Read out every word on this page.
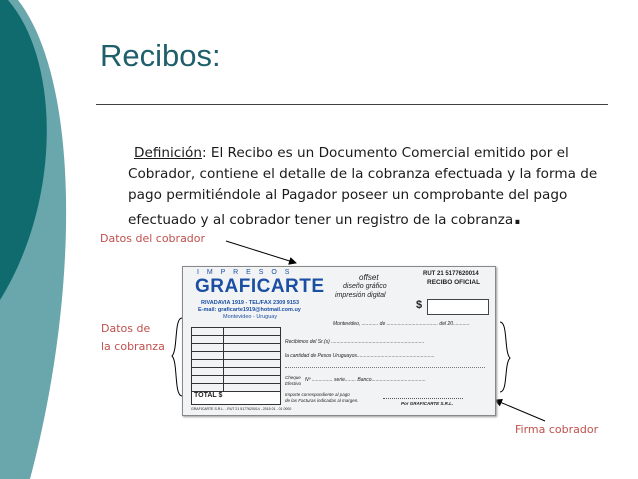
Recibos:
Definición: El Recibo es un Documento Comercial emitido por el
Cobrador, contiene el detalle de la cobranza efectuada y la forma de
pago permitiéndole al Pagador poseer un comprobante del pago
efectuado y al cobrador tener un registro de la cobranza.
Datos del cobrador
Datos de
la cobranza
Firma cobrador
I M P R E S O S
GRAFICARTE
RIVADAVIA 1919 - TEL/FAX 2309 9153
E-mail: graficarte1919@hotmail.com.uy
Montevideo - Uruguay
offset
diseño gráfico
impresión digital
RUT 21 5177620014
RECIBO OFICIAL
$
Montevideo, ............ de ..................................... del 20............
TOTAL $
Recibimos del Sr.(s) ...................................................................
la cantidad de Pesos Uruguayos........................................................
Cheque
Efectivo
Nº ............... serie........ Banco.......................................
Importe correspondiente al pago
de las Facturas indicadas al margen.
Por GRAFICARTE S.R.L.
GRAFICARTE S.R.L. - RUT 21 5177620014 - 2015 01 - 01 0000
